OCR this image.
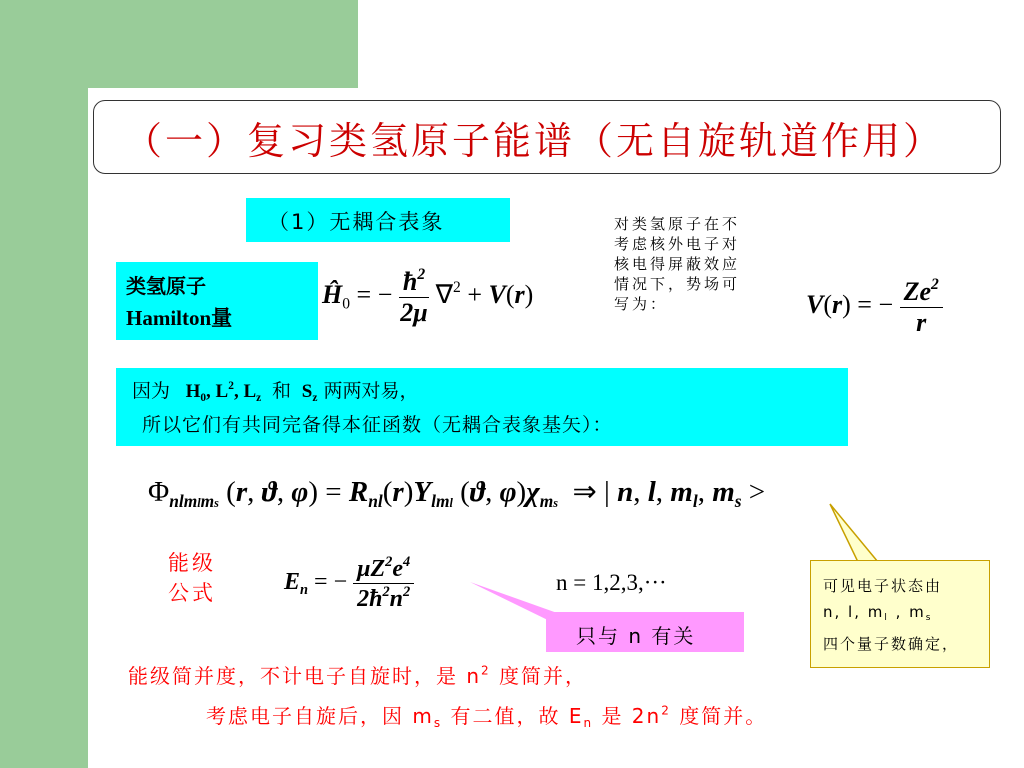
（一）复习类氢原子能谱（无自旋轨道作用）
（1）无耦合表象
类氢原子
Hamilton量
$Ĥ_0$ = − $\frac{ħ^2}{2\mu} \nabla^2 + V(r)$
对类氢原子在不
考虑核外电子对
核电得屏蔽效应
情况下，势场可
写为：	V(r) = − $\frac{Ze^2}{r}$
因为   $H_0$, $L^2$, $L_z$ 和  $S_z$ 两两对易，
所以它们有共同完备得本征函数（无耦合表象基矢）：
$\Phi_{nlmlms}$ (r, ϑ, $\varphi) = R_{nl}(r)Y_{lml}$ (ϑ, $\varphi)\chi_{ms}$  ⇒ | n, l, $m_l$, $m_s$ >
能级
公式	$E_n$ = − $\frac{\mu Z^2e^4}{2ħ^2n^2}$	n = 1,2,3,···
只与 n 有关
可见电子状态由
n, l, $m_l$ , $m_s$
四个量子数确定，
能级简并度，不计电子自旋时，是 $n^2$ 度简并，
考虑电子自旋后，因 $m_s$ 有二值，故 $E_n$ 是 $2n^2$ 度简并。
